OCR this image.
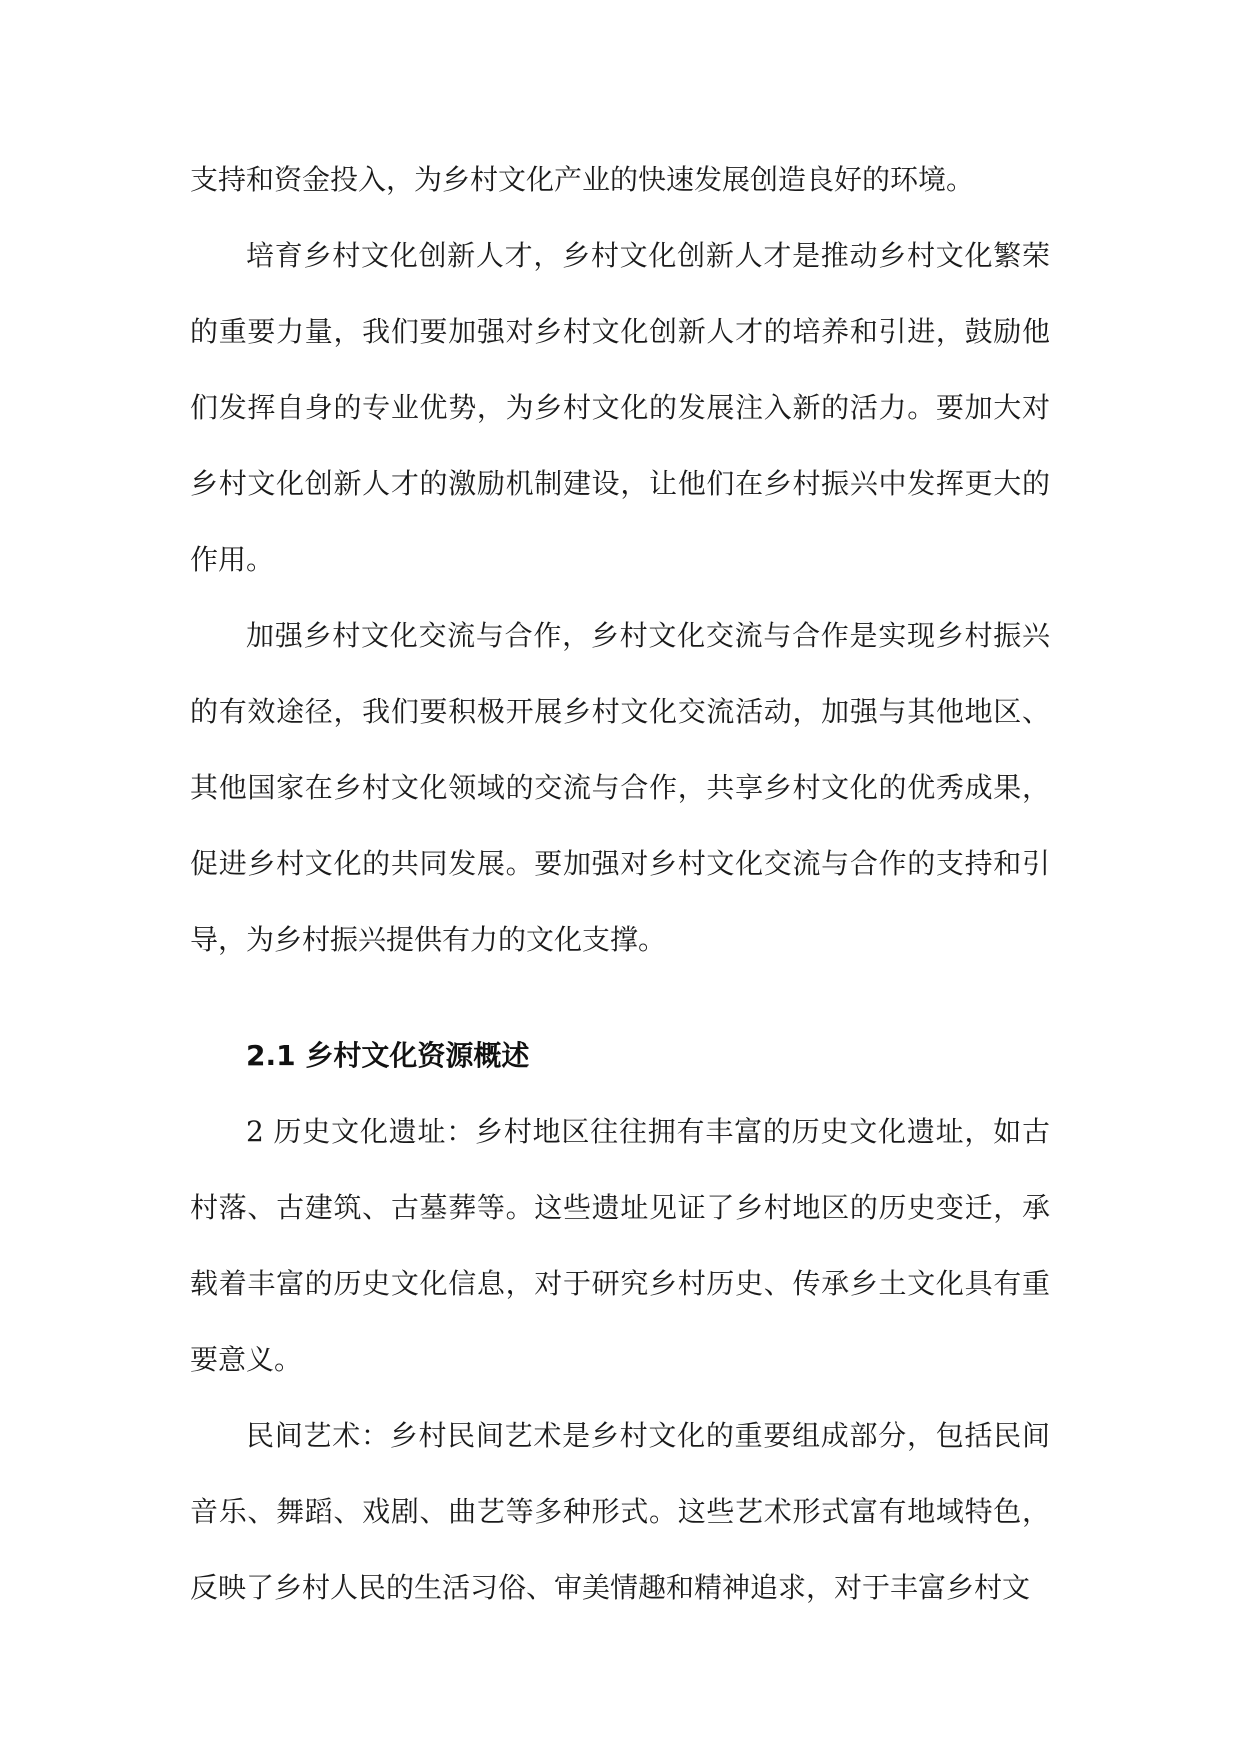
支持和资金投入，为乡村文化产业的快速发展创造良好的环境。

培育乡村文化创新人才，乡村文化创新人才是推动乡村文化繁荣的重要力量，我们要加强对乡村文化创新人才的培养和引进，鼓励他们发挥自身的专业优势，为乡村文化的发展注入新的活力。要加大对乡村文化创新人才的激励机制建设，让他们在乡村振兴中发挥更大的作用。

加强乡村文化交流与合作，乡村文化交流与合作是实现乡村振兴的有效途径，我们要积极开展乡村文化交流活动，加强与其他地区、其他国家在乡村文化领域的交流与合作，共享乡村文化的优秀成果，促进乡村文化的共同发展。要加强对乡村文化交流与合作的支持和引导，为乡村振兴提供有力的文化支撑。

2.1 乡村文化资源概述

2 历史文化遗址：乡村地区往往拥有丰富的历史文化遗址，如古村落、古建筑、古墓葬等。这些遗址见证了乡村地区的历史变迁，承载着丰富的历史文化信息，对于研究乡村历史、传承乡土文化具有重要意义。

民间艺术：乡村民间艺术是乡村文化的重要组成部分，包括民间音乐、舞蹈、戏剧、曲艺等多种形式。这些艺术形式富有地域特色，反映了乡村人民的生活习俗、审美情趣和精神追求，对于丰富乡村文
